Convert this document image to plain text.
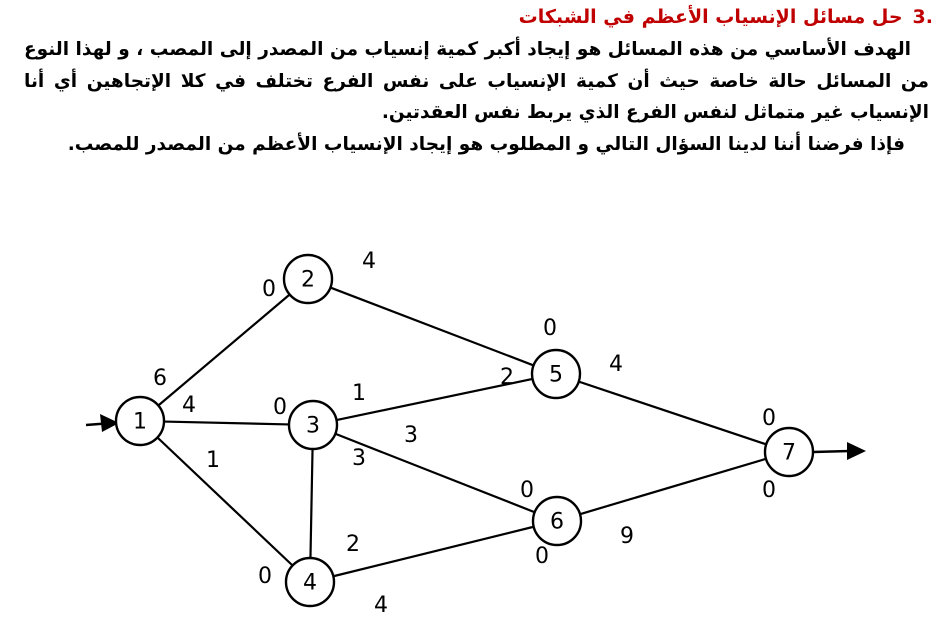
.3حل مسائل الإنسياب الأعظم في الشبكات

الهدف الأساسي من هذه المسائل هو إيجاد أكبر كمية إنسياب من المصدر إلى المصب ، و لهذا النوع من المسائل حالة خاصة حيث أن كمية الإنسياب على نفس الفرع تختلف في كلا الإتجاهين أي أنا الإنسياب غير متماثل لنفس الفرع الذي يربط نفس العقدتين.

فإذا فرضنا أننا لدينا السؤال التالي و المطلوب هو إيجاد الإنسياب الأعظم من المصدر للمصب.

1
2
3
4
5
6
7
6
0
4	0
1
0
4
0
1
2
3
0
3
2
4
0
4
0
9
0
